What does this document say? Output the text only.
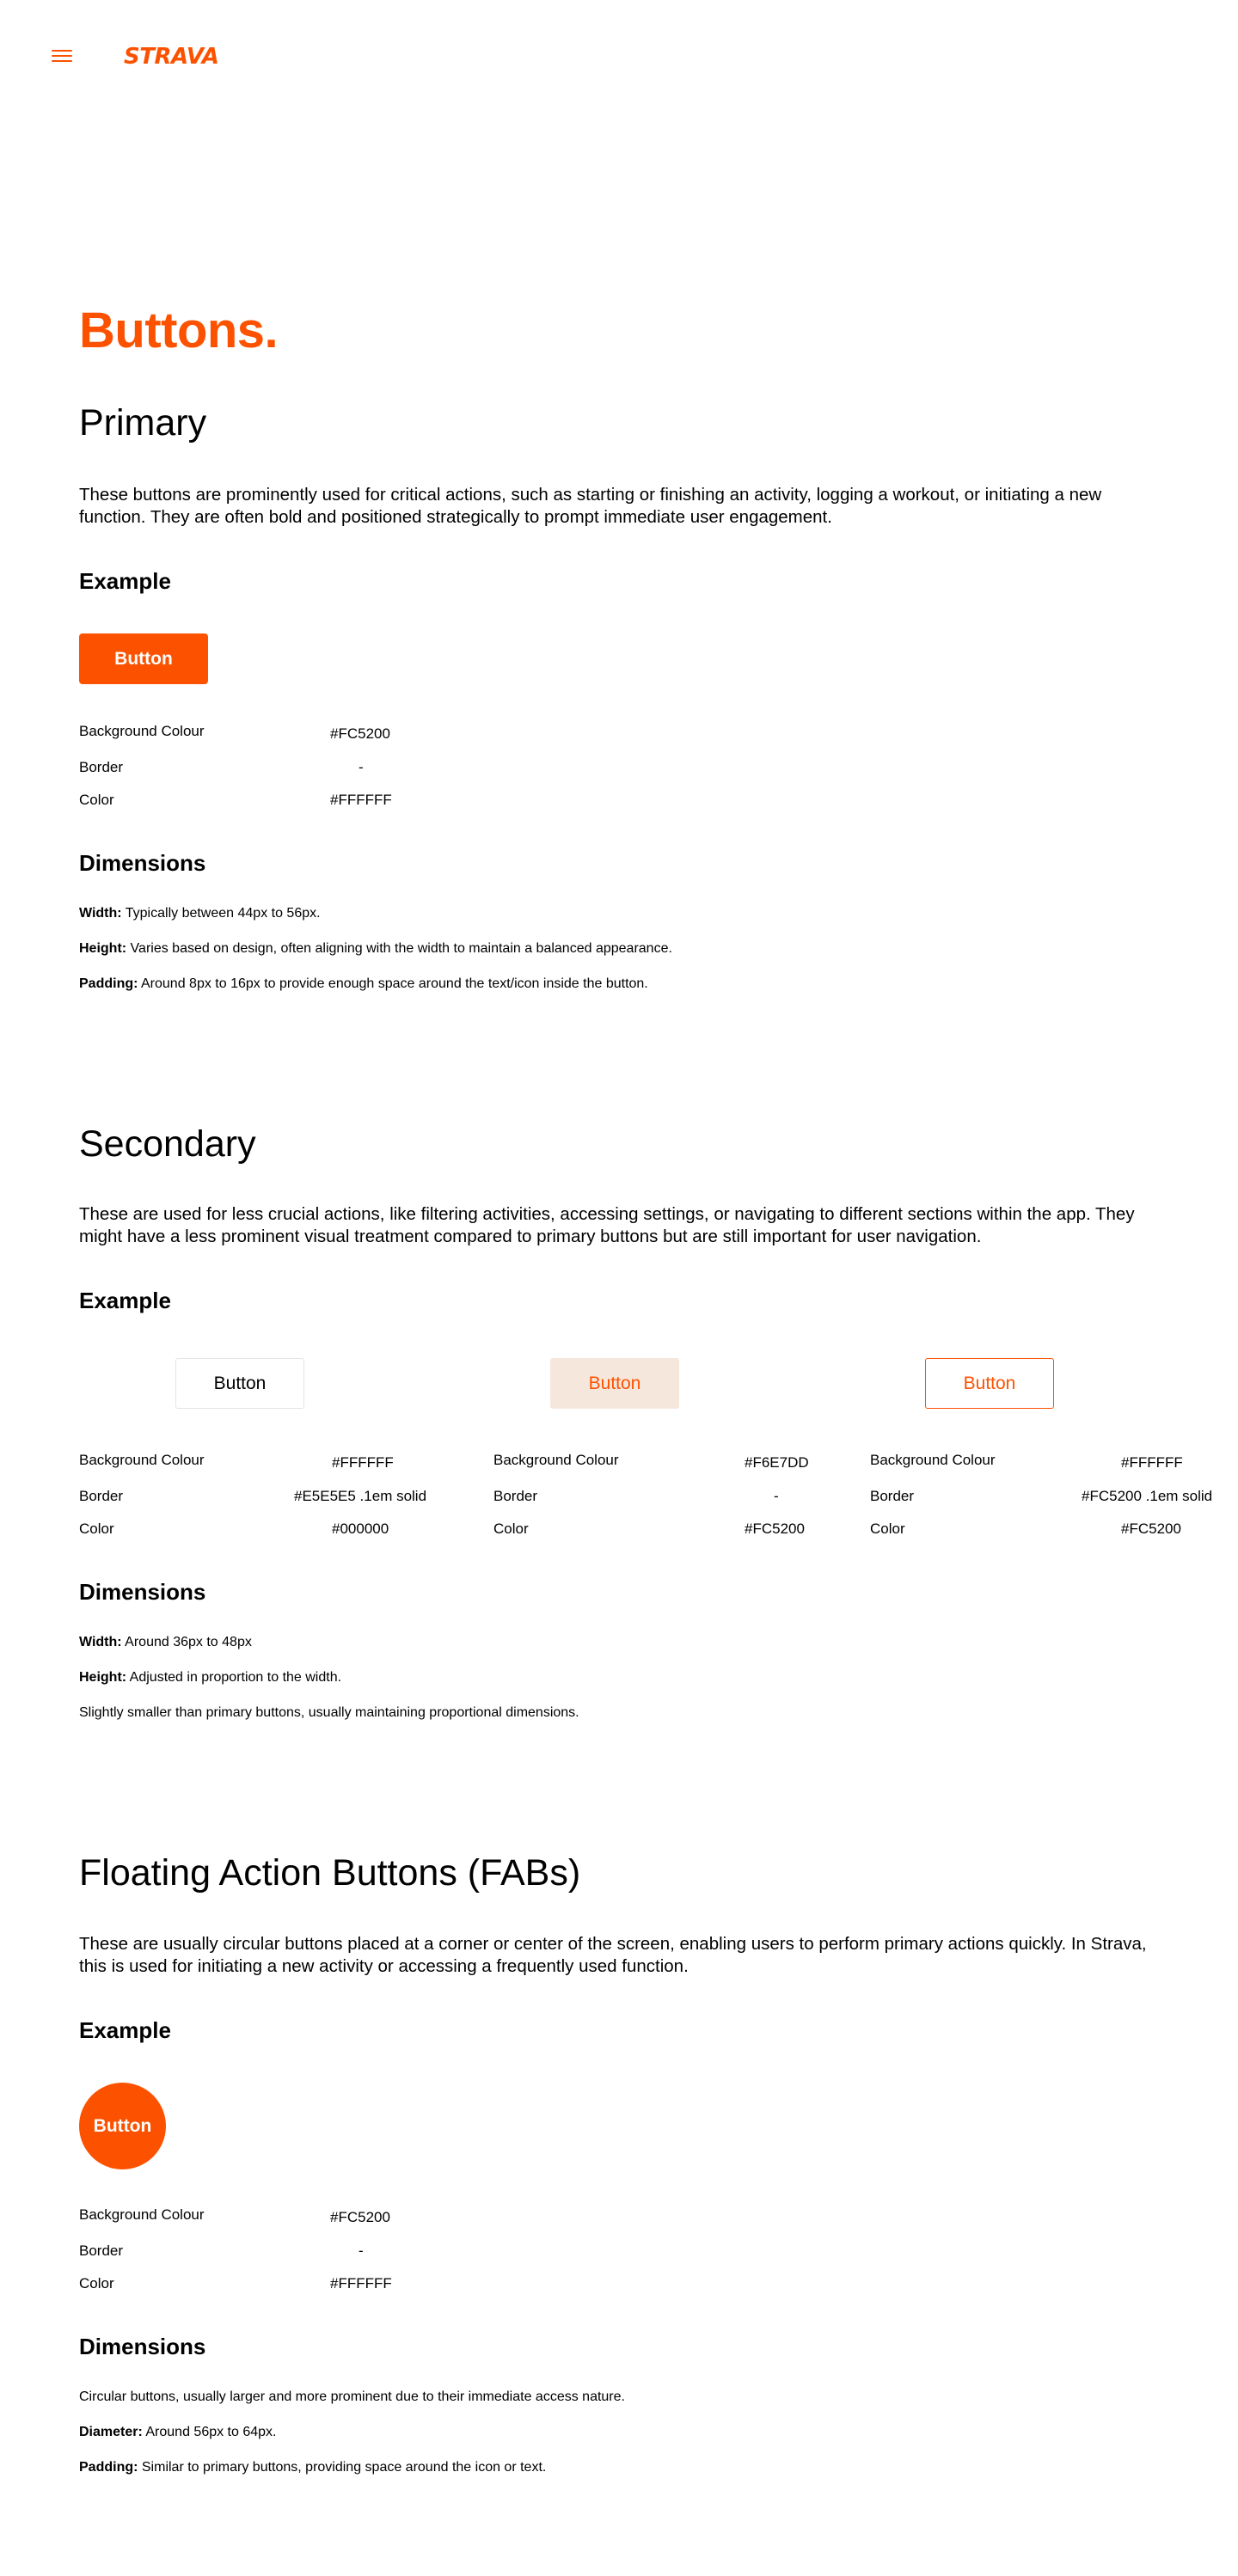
STRAVA
Buttons.
Primary

These buttons are prominently used for critical actions, such as starting or finishing an activity, logging a workout, or initiating a new function. They are often bold and positioned strategically to prompt immediate user engagement.

Example
Button
Background Colour	#FC5200
Border	-
Color	#FFFFFF
Dimensions

Width: Typically between 44px to 56px.

Height: Varies based on design, often aligning with the width to maintain a balanced appearance.

Padding: Around 8px to 16px to provide enough space around the text/icon inside the button.

Secondary

These are used for less crucial actions, like filtering activities, accessing settings, or navigating to different sections within the app. They might have a less prominent visual treatment compared to primary buttons but are still important for user navigation.

Example
Button	Button	Button
Background Colour	#FFFFFF
Border	#E5E5E5 .1em solid
Color	#000000
Background Colour	#F6E7DD
Border	-
Color	#FC5200
Background Colour	#FFFFFF
Border	#FC5200 .1em solid
Color	#FC5200
Dimensions

Width: Around 36px to 48px

Height: Adjusted in proportion to the width.

Slightly smaller than primary buttons, usually maintaining proportional dimensions.

Floating Action Buttons (FABs)

These are usually circular buttons placed at a corner or center of the screen, enabling users to perform primary actions quickly. In Strava, this is used for initiating a new activity or accessing a frequently used function.

Example
Button
Background Colour	#FC5200
Border	-
Color	#FFFFFF
Dimensions

Circular buttons, usually larger and more prominent due to their immediate access nature.

Diameter: Around 56px to 64px.

Padding: Similar to primary buttons, providing space around the icon or text.
